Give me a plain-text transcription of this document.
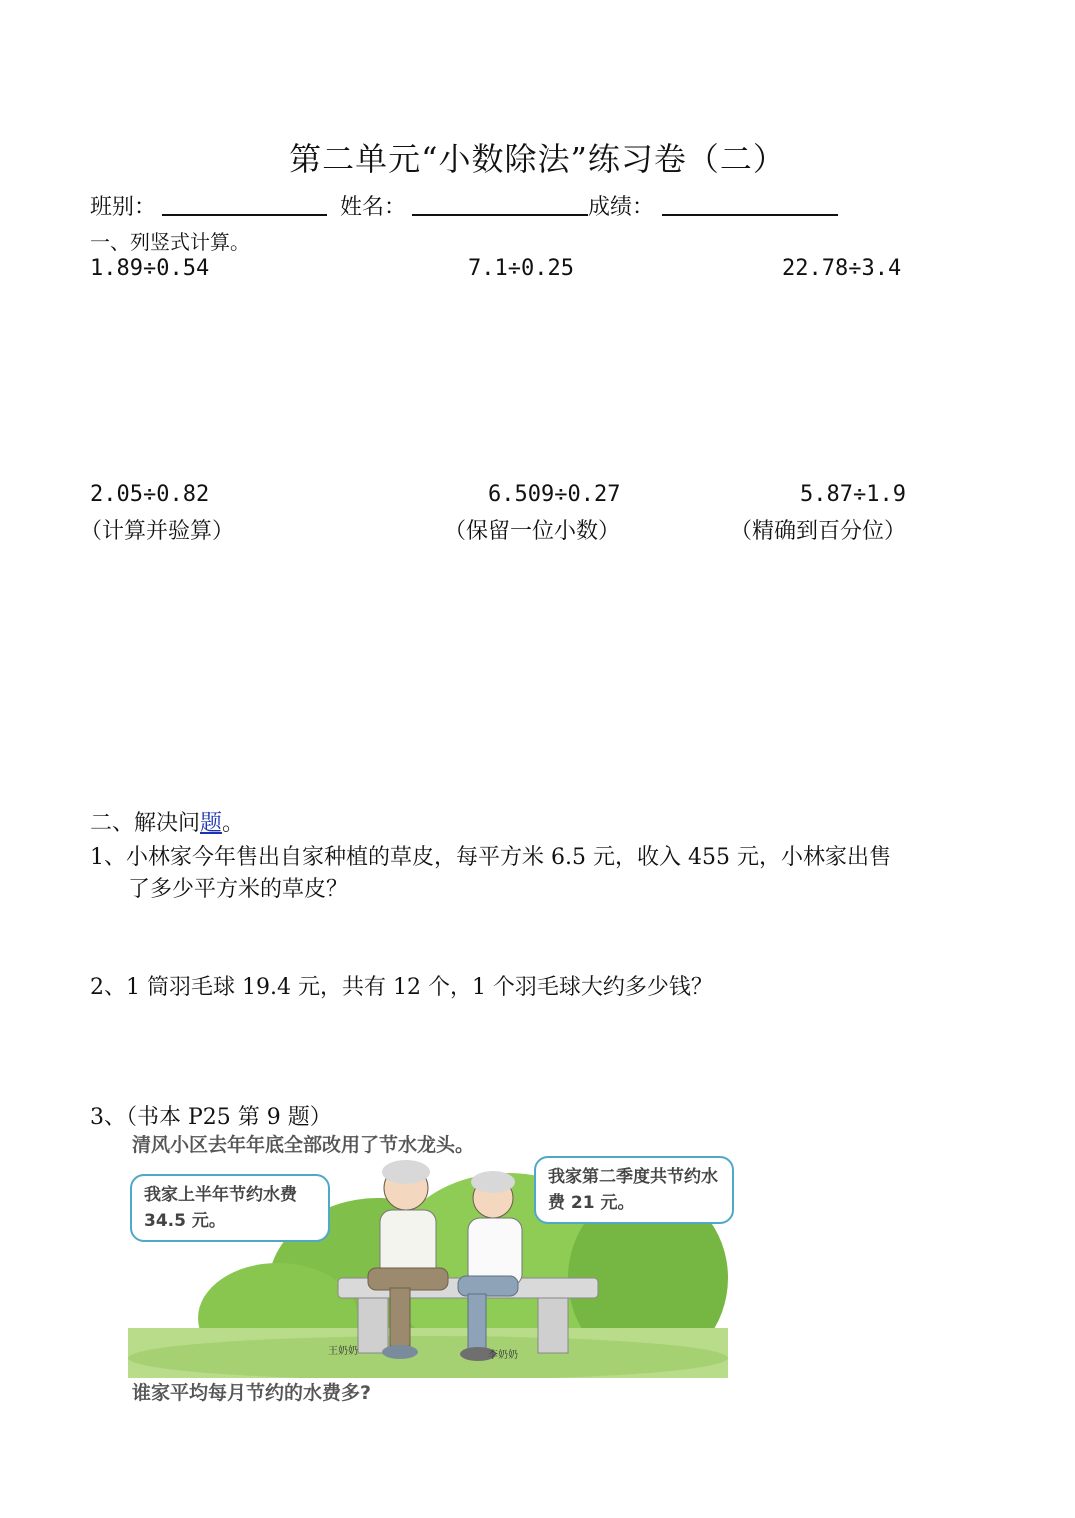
第二单元“小数除法”练习卷（二）
班别：	姓名：	成绩：
一、列竖式计算。
1.89÷0.54	7.1÷0.25	22.78÷3.4
2.05÷0.82	6.509÷0.27	5.87÷1.9
（计算并验算）	（保留一位小数）	（精确到百分位）
二、解决问题。
1、小林家今年售出自家种植的草皮，每平方米 6.5 元，收入 455 元，小林家出售
了多少平方米的草皮？
2、1 筒羽毛球 19.4 元，共有 12 个，1 个羽毛球大约多少钱？
3、（书本 P25 第 9 题）
清风小区去年年底全部改用了节水龙头。
我家上半年节约水费 34.5 元。
我家第二季度共节约水费 21 元。
王奶奶	李奶奶
谁家平均每月节约的水费多?
